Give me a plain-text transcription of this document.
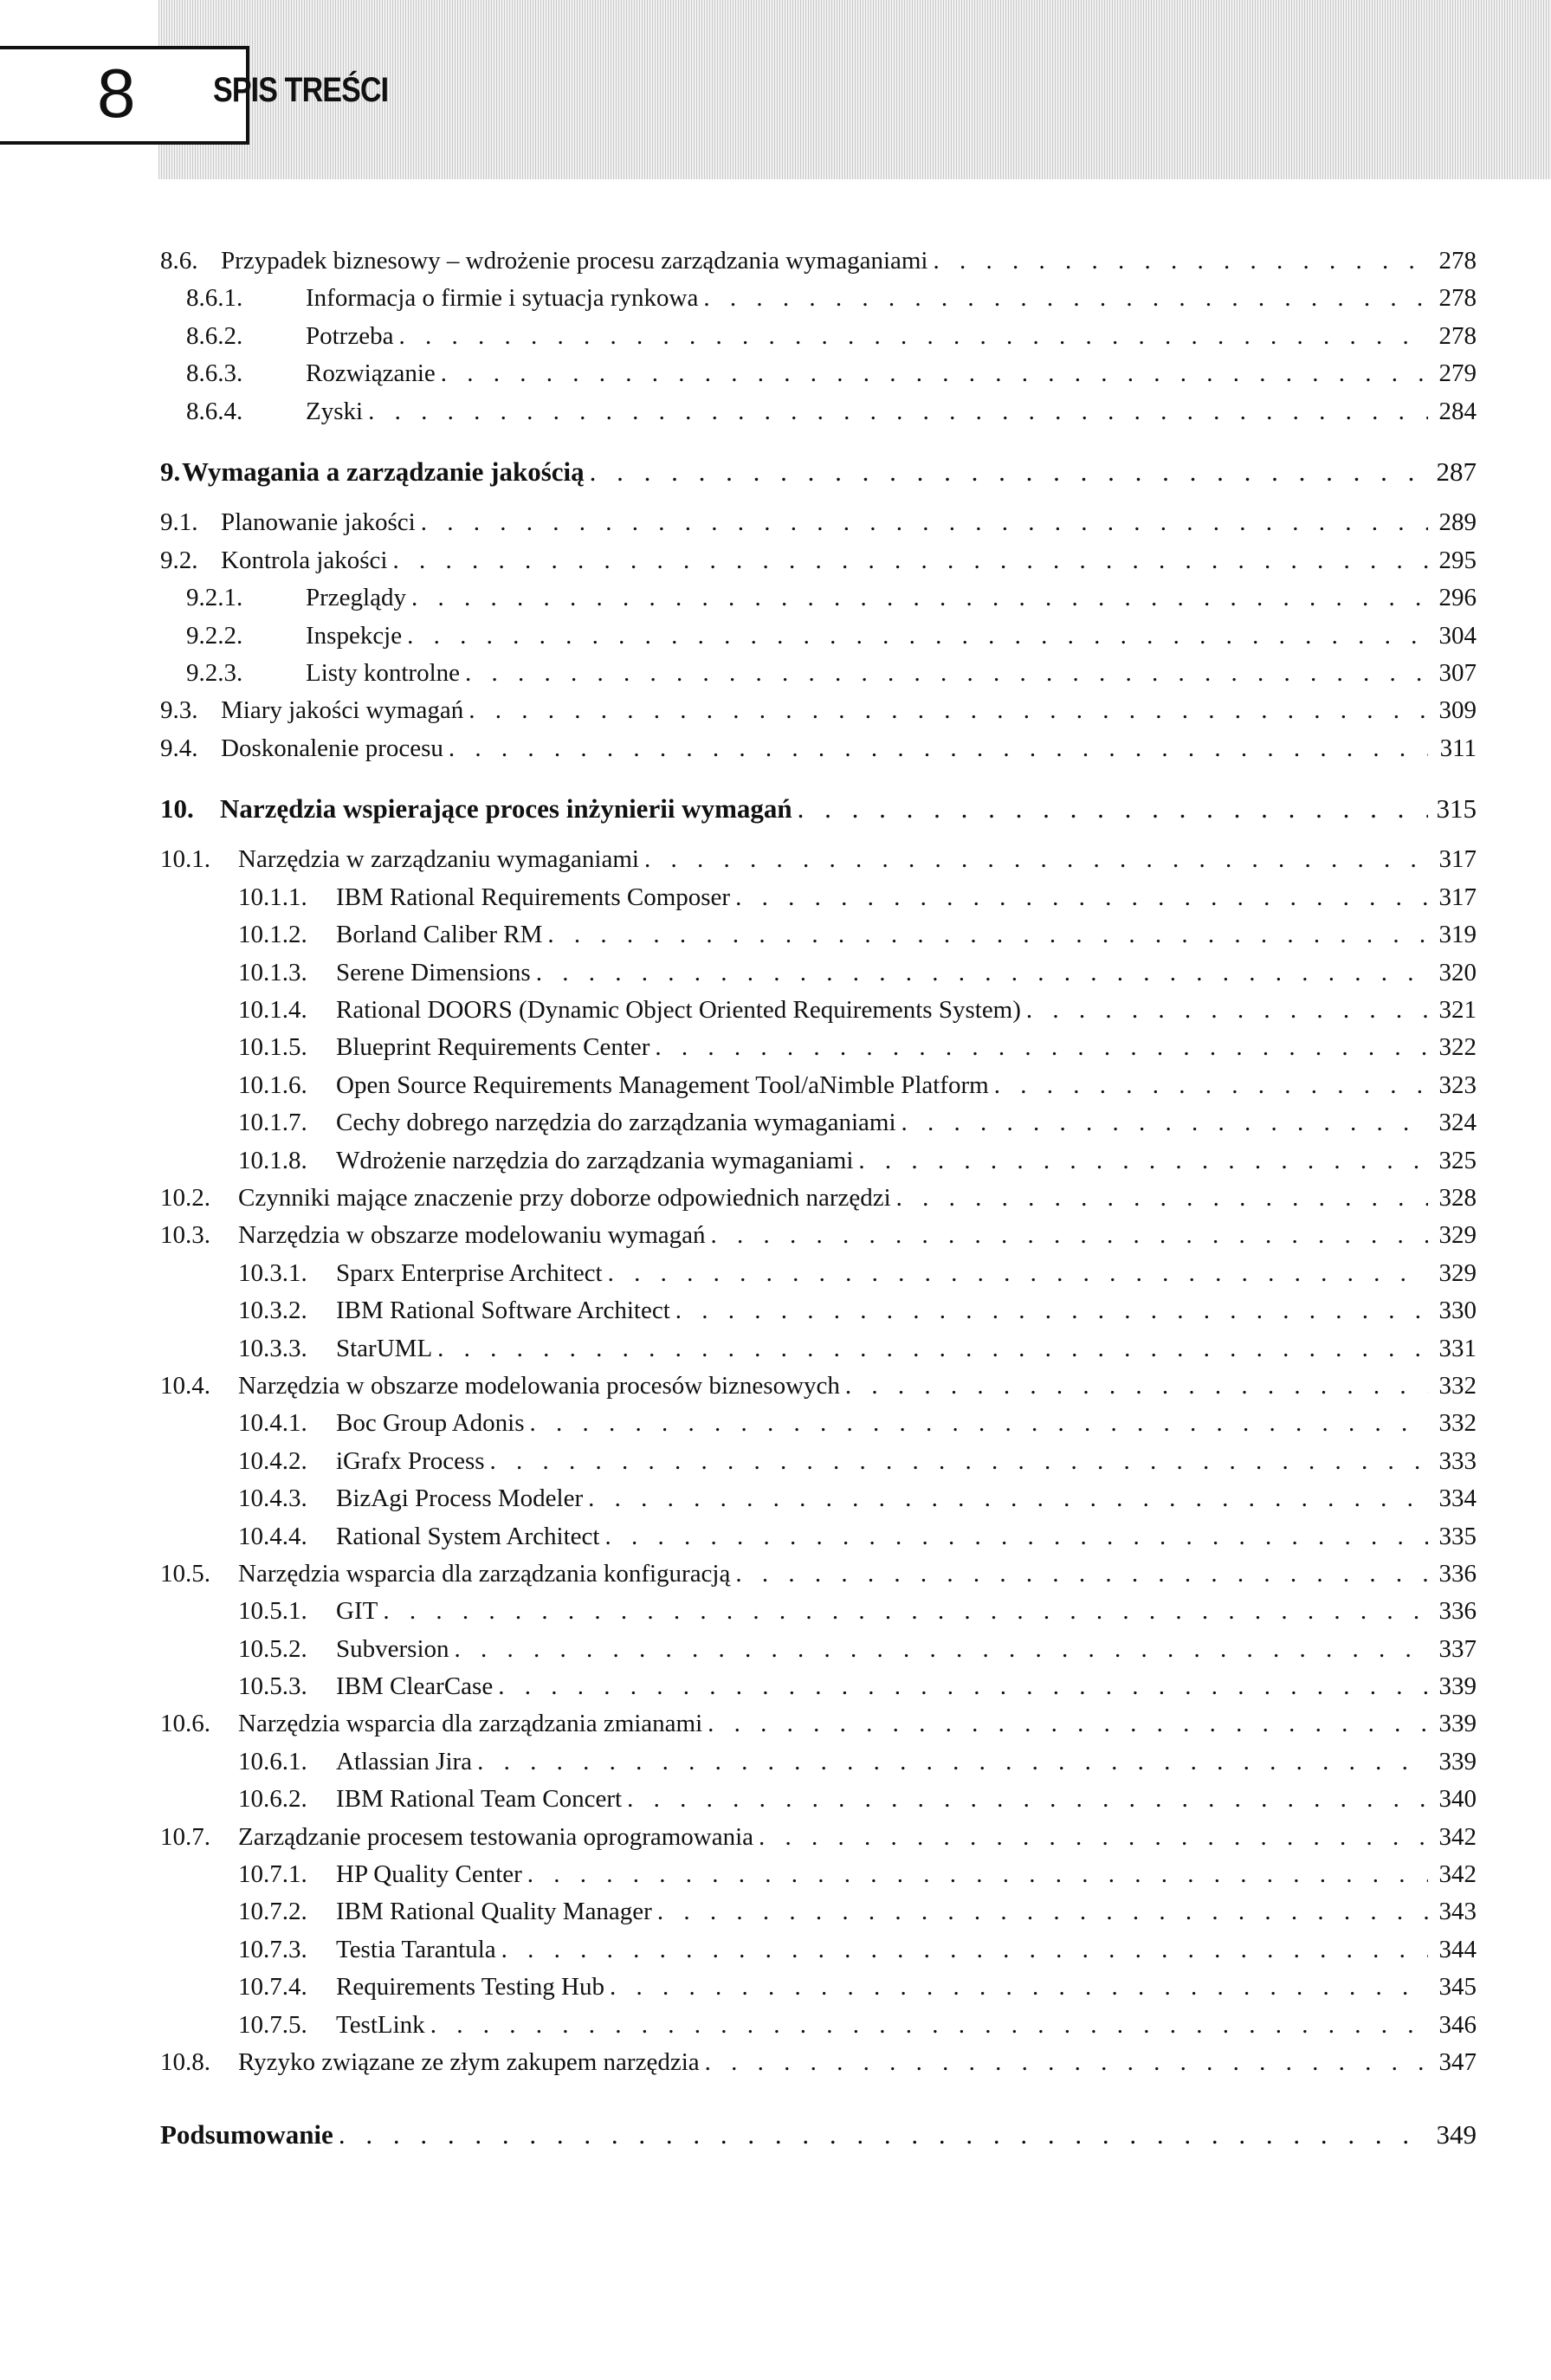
8 SPIS TREŚCI
8.6. Przypadek biznesowy – wdrożenie procesu zarządzania wymaganiami . . .	278
8.6.1.	Informacja o firmie i sytuacja rynkowa . . .	278
8.6.2.	Potrzeba . . .	278
8.6.3.	Rozwiązanie . . .	279
8.6.4.	Zyski . . .	284
9. Wymagania a zarządzanie jakością . . .	287
9.1. Planowanie jakości . . .	289
9.2. Kontrola jakości . . .	295
9.2.1.	Przeglądy . . .	296
9.2.2.	Inspekcje . . .	304
9.2.3.	Listy kontrolne . . .	307
9.3. Miary jakości wymagań . . .	309
9.4. Doskonalenie procesu . . .	311
10. Narzędzia wspierające proces inżynierii wymagań . . .	315
10.1. Narzędzia w zarządzaniu wymaganiami . . .	317
10.1.1. IBM Rational Requirements Composer . . .	317
10.1.2. Borland Caliber RM . . .	319
10.1.3. Serene Dimensions . . .	320
10.1.4. Rational DOORS (Dynamic Object Oriented Requirements System) . . .	321
10.1.5. Blueprint Requirements Center . . .	322
10.1.6. Open Source Requirements Management Tool/aNimble Platform . . .	323
10.1.7. Cechy dobrego narzędzia do zarządzania wymaganiami . . .	324
10.1.8. Wdrożenie narzędzia do zarządzania wymaganiami . . .	325
10.2. Czynniki mające znaczenie przy doborze odpowiednich narzędzi . . .	328
10.3. Narzędzia w obszarze modelowaniu wymagań . . .	329
10.3.1. Sparx Enterprise Architect . . .	329
10.3.2. IBM Rational Software Architect . . .	330
10.3.3. StarUML . . .	331
10.4. Narzędzia w obszarze modelowania procesów biznesowych . . .	332
10.4.1. Boc Group Adonis . . .	332
10.4.2. iGrafx Process . . .	333
10.4.3. BizAgi Process Modeler . . .	334
10.4.4. Rational System Architect . . .	335
10.5. Narzędzia wsparcia dla zarządzania konfiguracją . . .	336
10.5.1. GIT . . .	336
10.5.2. Subversion . . .	337
10.5.3. IBM ClearCase . . .	339
10.6. Narzędzia wsparcia dla zarządzania zmianami . . .	339
10.6.1. Atlassian Jira . . .	339
10.6.2. IBM Rational Team Concert . . .	340
10.7. Zarządzanie procesem testowania oprogramowania . . .	342
10.7.1. HP Quality Center . . .	342
10.7.2. IBM Rational Quality Manager . . .	343
10.7.3. Testia Tarantula . . .	344
10.7.4. Requirements Testing Hub . . .	345
10.7.5. TestLink . . .	346
10.8. Ryzyko związane ze złym zakupem narzędzia . . .	347
Podsumowanie . . .	349
